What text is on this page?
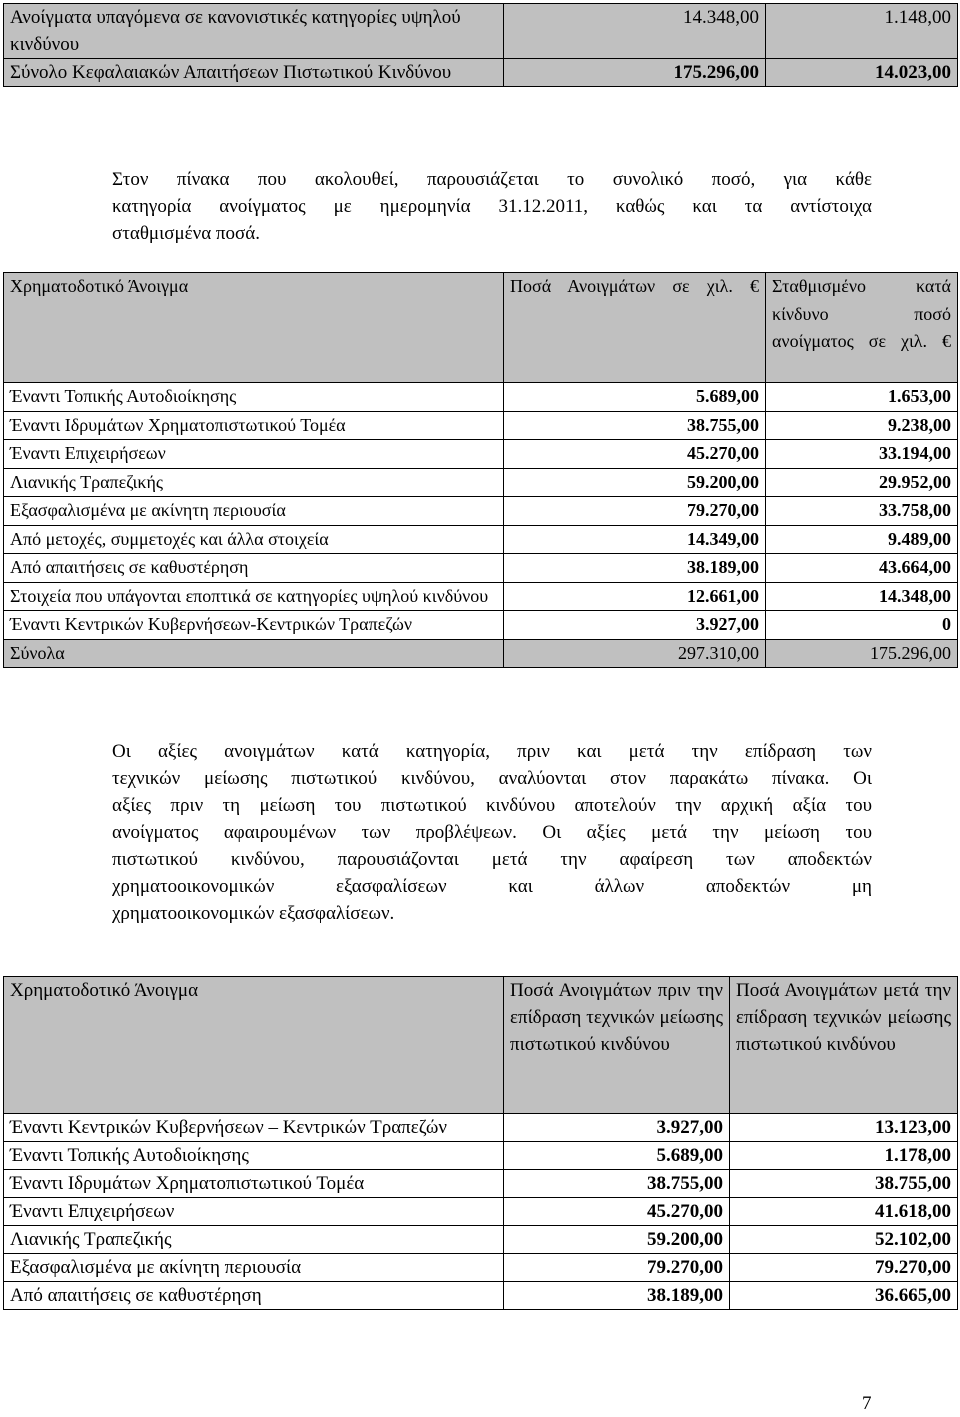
Ανοίγματα υπαγόμενα σε κανονιστικές κατηγορίες υψηλού κινδύνου	14.348,00	1.148,00
Σύνολο Κεφαλαιακών Απαιτήσεων Πιστωτικού Κινδύνου	175.296,00	14.023,00
Στον πίνακα που ακολουθεί, παρουσιάζεται το συνολικό ποσό, για κάθε
κατηγορία ανοίγματος με ημερομηνία 31.12.2011, καθώς και τα αντίστοιχα
σταθμισμένα ποσά.
Χρηματοδοτικό Άνοιγμα	Ποσά Ανοιγμάτων σε χιλ. €	Σταθμισμένο κατά κίνδυνο ποσό ανοίγματος σε χιλ. €
Έναντι Τοπικής Αυτοδιοίκησης	5.689,00	1.653,00
Έναντι Ιδρυμάτων Χρηματοπιστωτικού Τομέα	38.755,00	9.238,00
Έναντι Επιχειρήσεων	45.270,00	33.194,00
Λιανικής Τραπεζικής	59.200,00	29.952,00
Εξασφαλισμένα με ακίνητη περιουσία	79.270,00	33.758,00
Από μετοχές, συμμετοχές και άλλα στοιχεία	14.349,00	9.489,00
Από απαιτήσεις σε καθυστέρηση	38.189,00	43.664,00
Στοιχεία που υπάγονται εποπτικά σε κατηγορίες υψηλού κινδύνου	12.661,00	14.348,00
Έναντι Κεντρικών Κυβερνήσεων-Κεντρικών Τραπεζών	3.927,00	0
Σύνολα	297.310,00	175.296,00
Οι αξίες ανοιγμάτων κατά κατηγορία, πριν και μετά την επίδραση των
τεχνικών μείωσης πιστωτικού κινδύνου, αναλύονται στον παρακάτω πίνακα. Οι
αξίες πριν τη μείωση του πιστωτικού κινδύνου αποτελούν την αρχική αξία του
ανοίγματος αφαιρουμένων των προβλέψεων. Οι αξίες μετά την μείωση του
πιστωτικού κινδύνου, παρουσιάζονται μετά την αφαίρεση των αποδεκτών
χρηματοοικονομικών εξασφαλίσεων και άλλων αποδεκτών μη
χρηματοοικονομικών εξασφαλίσεων.
Χρηματοδοτικό Άνοιγμα	Ποσά Ανοιγμάτων πριν την επίδραση τεχνικών μείωσης πιστωτικού κινδύνου	Ποσά Ανοιγμάτων μετά την επίδραση τεχνικών μείωσης πιστωτικού κινδύνου
Έναντι Κεντρικών Κυβερνήσεων – Κεντρικών Τραπεζών	3.927,00	13.123,00
Έναντι Τοπικής Αυτοδιοίκησης	5.689,00	1.178,00
Έναντι Ιδρυμάτων Χρηματοπιστωτικού Τομέα	38.755,00	38.755,00
Έναντι Επιχειρήσεων	45.270,00	41.618,00
Λιανικής Τραπεζικής	59.200,00	52.102,00
Εξασφαλισμένα με ακίνητη περιουσία	79.270,00	79.270,00
Από απαιτήσεις σε καθυστέρηση	38.189,00	36.665,00
7
